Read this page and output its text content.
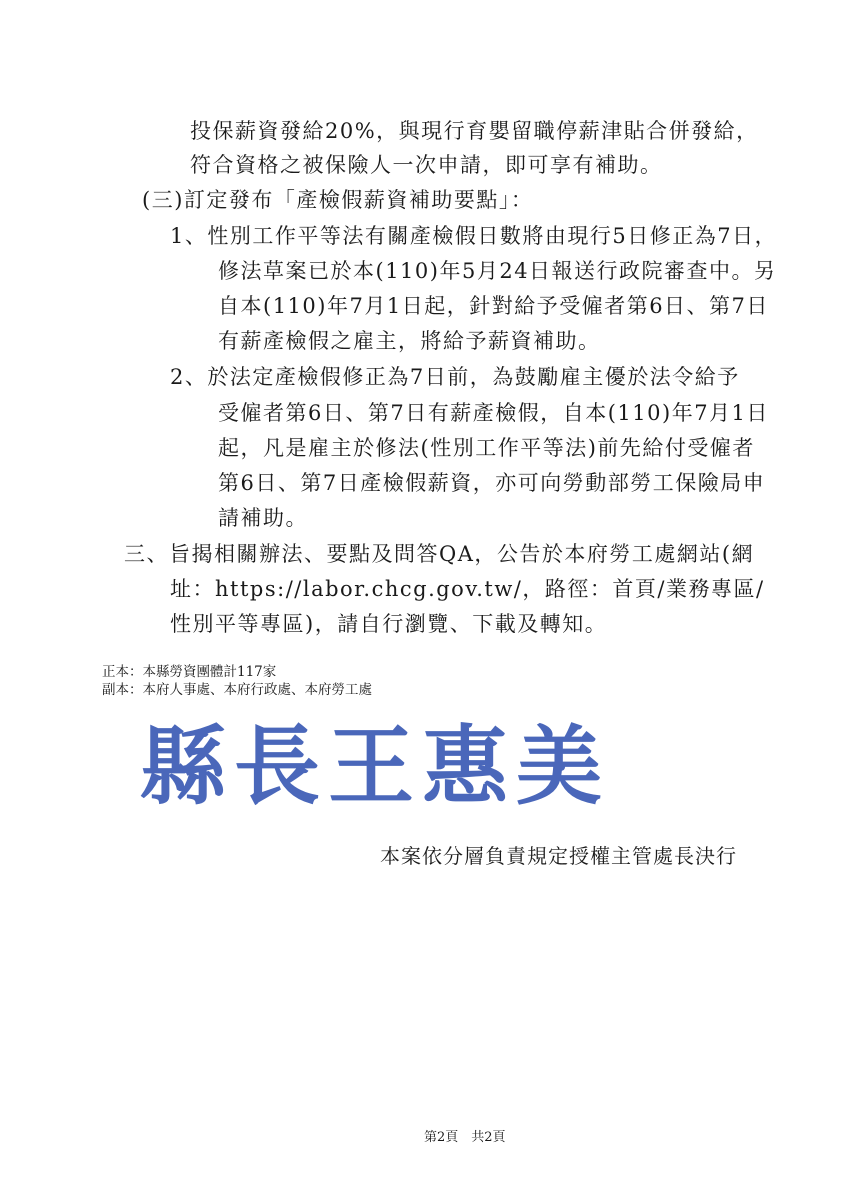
投保薪資發給20%，與現行育嬰留職停薪津貼合併發給，
符合資格之被保險人一次申請，即可享有補助。
(三)訂定發布「產檢假薪資補助要點」：
1、性別工作平等法有關產檢假日數將由現行5日修正為7日，
修法草案已於本(110)年5月24日報送行政院審查中。另
自本(110)年7月1日起，針對給予受僱者第6日、第7日
有薪產檢假之雇主，將給予薪資補助。
2、於法定產檢假修正為7日前，為鼓勵雇主優於法令給予
受僱者第6日、第7日有薪產檢假，自本(110)年7月1日
起，凡是雇主於修法(性別工作平等法)前先給付受僱者
第6日、第7日產檢假薪資，亦可向勞動部勞工保險局申
請補助。
三、旨揭相關辦法、要點及問答QA，公告於本府勞工處網站(網
址：https://labor.chcg.gov.tw/，路徑：首頁/業務專區/
性別平等專區)，請自行瀏覽、下載及轉知。
正本：本縣勞資團體計117家
副本：本府人事處、本府行政處、本府勞工處
縣長王惠美
本案依分層負責規定授權主管處長決行
第2頁　共2頁
